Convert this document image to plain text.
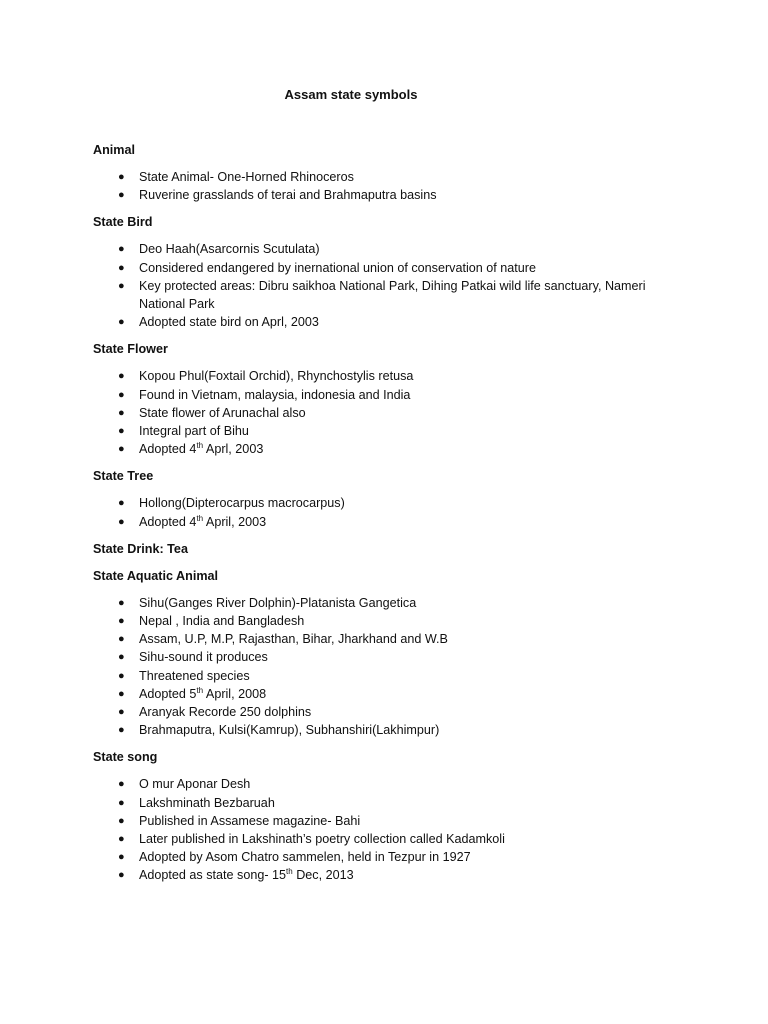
Assam state symbols
Animal
● State Animal- One-Horned Rhinoceros
● Ruverine grasslands of terai and Brahmaputra basins
State Bird
● Deo Haah(Asarcornis Scutulata)
● Considered endangered by inernational union of conservation of nature
● Key protected areas: Dibru saikhoa National Park, Dihing Patkai wild life sanctuary, Nameri National Park
● Adopted state bird on Aprl, 2003
State Flower
● Kopou Phul(Foxtail Orchid), Rhynchostylis retusa
● Found in Vietnam, malaysia, indonesia and India
● State flower of Arunachal also
● Integral part of Bihu
● Adopted 4th Aprl, 2003
State Tree
● Hollong(Dipterocarpus macrocarpus)
● Adopted 4th April, 2003
State Drink: Tea
State Aquatic Animal
● Sihu(Ganges River Dolphin)-Platanista Gangetica
● Nepal , India and Bangladesh
● Assam, U.P, M.P, Rajasthan, Bihar, Jharkhand and W.B
● Sihu-sound it produces
● Threatened species
● Adopted 5th April, 2008
● Aranyak Recorde 250 dolphins
● Brahmaputra, Kulsi(Kamrup), Subhanshiri(Lakhimpur)
State song
● O mur Aponar Desh
● Lakshminath Bezbaruah
● Published in Assamese magazine- Bahi
● Later published in Lakshinath’s poetry collection called Kadamkoli
● Adopted by Asom Chatro sammelen, held in Tezpur in 1927
● Adopted as state song- 15th Dec, 2013
